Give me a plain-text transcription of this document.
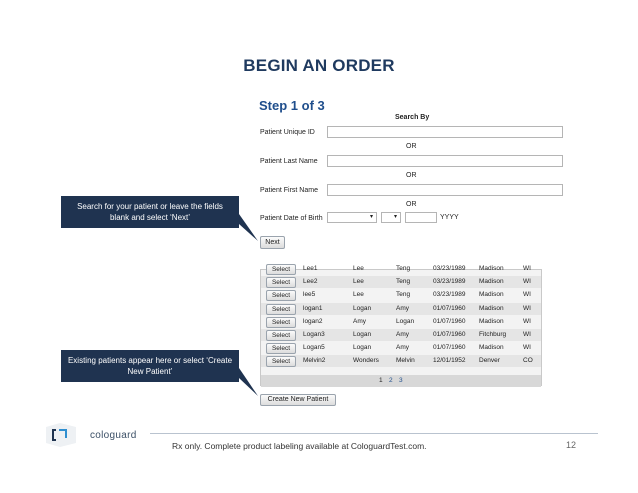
BEGIN AN ORDER
Step 1 of 3
Search By
Patient Unique ID
OR
Patient Last Name
OR
Patient First Name
OR
Patient Date of Birth	▾	▾	YYYY
Next
Select	Lee1	Lee	Teng	03/23/1989 Madison	WI
Select	Lee2	Lee	Teng	03/23/1989 Madison	WI
Select	lee5	Lee	Teng	03/23/1989 Madison	WI
Select	logan1	Logan	Amy	01/07/1960 Madison	WI
Select	logan2	Amy	Logan	01/07/1960 Madison	WI
Select	Logan3	Logan	Amy	01/07/1960 Fitchburg	WI
Select	Logan5	Logan	Amy	01/07/1960 Madison	WI
Select	Melvin2	Wonders	Melvin	12/01/1952 Denver	CO
1 2 3
Create New Patient
Search for your patient or leave the fields blank and select ‘Next’
Existing patients appear here or select ‘Create New Patient’
cologuard
Rx only. Complete product labeling available at CologuardTest.com.	12
